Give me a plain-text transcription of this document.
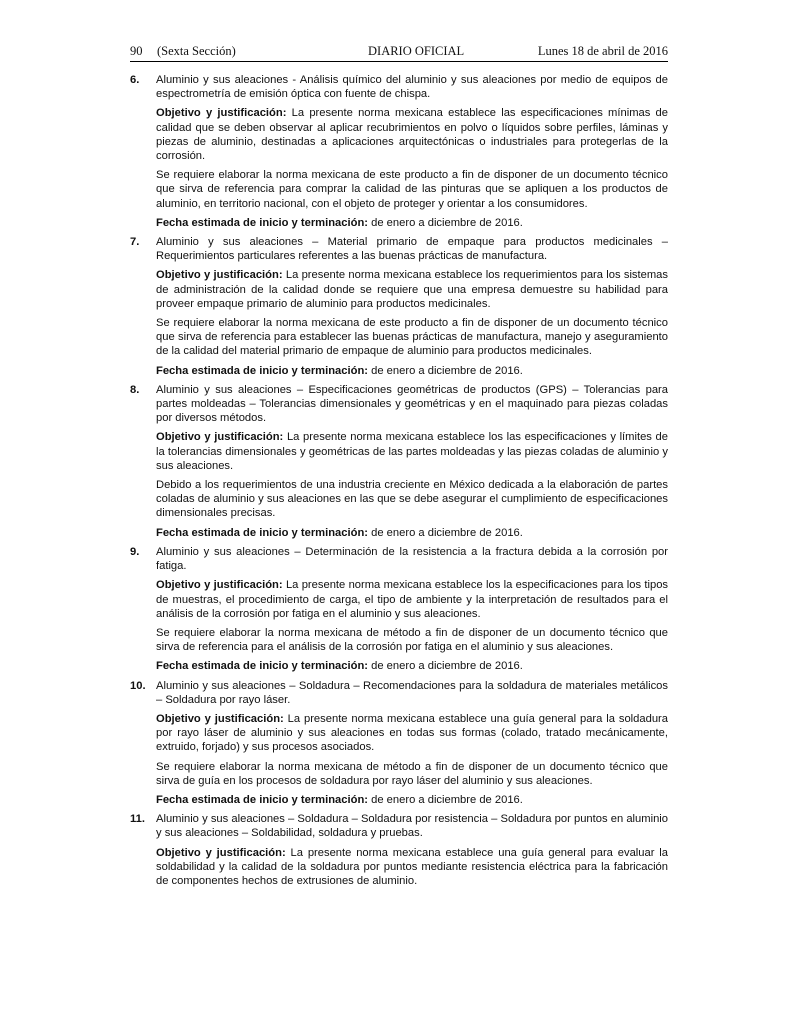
90 (Sexta Sección)	DIARIO OFICIAL	Lunes 18 de abril de 2016
6. Aluminio y sus aleaciones - Análisis químico del aluminio y sus aleaciones por medio de equipos de espectrometría de emisión óptica con fuente de chispa.

Objetivo y justificación: La presente norma mexicana establece las especificaciones mínimas de calidad que se deben observar al aplicar recubrimientos en polvo o líquidos sobre perfiles, láminas y piezas de aluminio, destinadas a aplicaciones arquitectónicas o industriales para protegerlas de la corrosión.

Se requiere elaborar la norma mexicana de este producto a fin de disponer de un documento técnico que sirva de referencia para comprar la calidad de las pinturas que se apliquen a los productos de aluminio, en territorio nacional, con el objeto de proteger y orientar a los consumidores.

Fecha estimada de inicio y terminación: de enero a diciembre de 2016.

7. Aluminio y sus aleaciones – Material primario de empaque para productos medicinales – Requerimientos particulares referentes a las buenas prácticas de manufactura.

Objetivo y justificación: La presente norma mexicana establece los requerimientos para los sistemas de administración de la calidad donde se requiere que una empresa demuestre su habilidad para proveer empaque primario de aluminio para productos medicinales.

Se requiere elaborar la norma mexicana de este producto a fin de disponer de un documento técnico que sirva de referencia para establecer las buenas prácticas de manufactura, manejo y aseguramiento de la calidad del material primario de empaque de aluminio para productos medicinales.

Fecha estimada de inicio y terminación: de enero a diciembre de 2016.

8. Aluminio y sus aleaciones – Especificaciones geométricas de productos (GPS) – Tolerancias para partes moldeadas – Tolerancias dimensionales y geométricas y en el maquinado para piezas coladas por diversos métodos.

Objetivo y justificación: La presente norma mexicana establece los las especificaciones y límites de la tolerancias dimensionales y geométricas de las partes moldeadas y las piezas coladas de aluminio y sus aleaciones.

Debido a los requerimientos de una industria creciente en México dedicada a la elaboración de partes coladas de aluminio y sus aleaciones en las que se debe asegurar el cumplimiento de especificaciones dimensionales precisas.

Fecha estimada de inicio y terminación: de enero a diciembre de 2016.

9. Aluminio y sus aleaciones – Determinación de la resistencia a la fractura debida a la corrosión por fatiga.

Objetivo y justificación: La presente norma mexicana establece los la especificaciones para los tipos de muestras, el procedimiento de carga, el tipo de ambiente y la interpretación de resultados para el análisis de la corrosión por fatiga en el aluminio y sus aleaciones.

Se requiere elaborar la norma mexicana de método a fin de disponer de un documento técnico que sirva de referencia para el análisis de la corrosión por fatiga en el aluminio y sus aleaciones.

Fecha estimada de inicio y terminación: de enero a diciembre de 2016.

10. Aluminio y sus aleaciones – Soldadura – Recomendaciones para la soldadura de materiales metálicos – Soldadura por rayo láser.

Objetivo y justificación: La presente norma mexicana establece una guía general para la soldadura por rayo láser de aluminio y sus aleaciones en todas sus formas (colado, tratado mecánicamente, extruido, forjado) y sus procesos asociados.

Se requiere elaborar la norma mexicana de método a fin de disponer de un documento técnico que sirva de guía en los procesos de soldadura por rayo láser del aluminio y sus aleaciones.

Fecha estimada de inicio y terminación: de enero a diciembre de 2016.

11. Aluminio y sus aleaciones – Soldadura – Soldadura por resistencia – Soldadura por puntos en aluminio y sus aleaciones – Soldabilidad, soldadura y pruebas.

Objetivo y justificación: La presente norma mexicana establece una guía general para evaluar la soldabilidad y la calidad de la soldadura por puntos mediante resistencia eléctrica para la fabricación de componentes hechos de extrusiones de aluminio.
